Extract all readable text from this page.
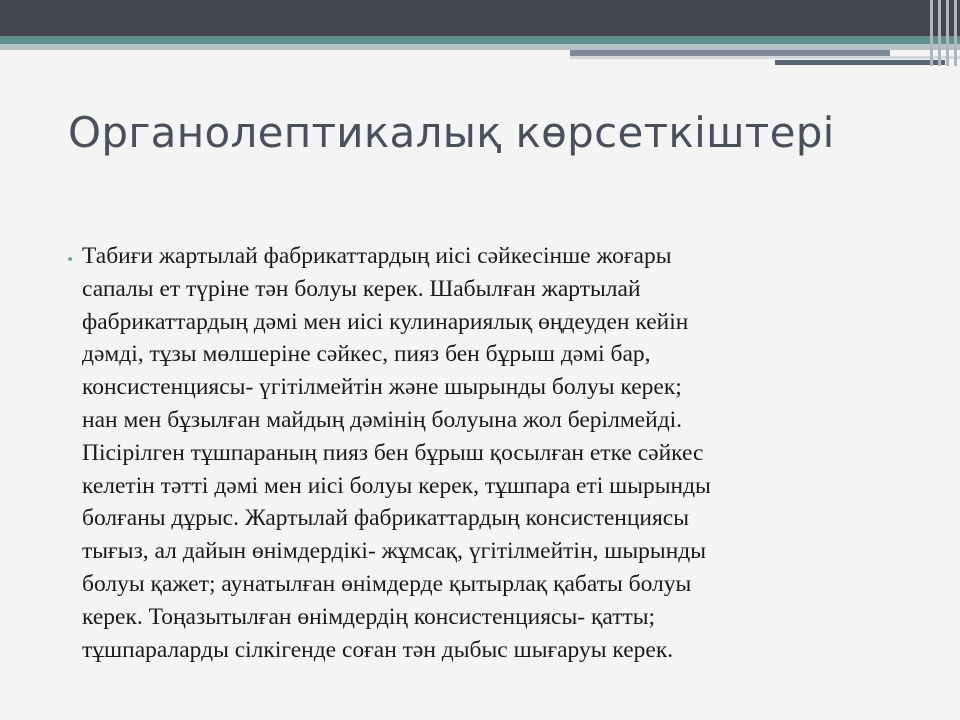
Органолептикалық көрсеткіштері
• Табиғи жартылай фабрикаттардың иісі сәйкесінше жоғары
сапалы ет түріне тән болуы керек. Шабылған жартылай
фабрикаттардың дәмі мен иісі кулинариялық өңдеуден кейін
дәмді, тұзы мөлшеріне сәйкес, пияз бен бұрыш дәмі бар,
консистенциясы- үгітілмейтін және шырынды болуы керек;
нан мен бұзылған майдың дәмінің болуына жол берілмейді.
Пісірілген тұшпараның пияз бен бұрыш қосылған етке сәйкес
келетін тәтті дәмі мен иісі болуы керек, тұшпара еті шырынды
болғаны дұрыс. Жартылай фабрикаттардың консистенциясы
тығыз, ал дайын өнімдердікі- жұмсақ, үгітілмейтін, шырынды
болуы қажет; аунатылған өнімдерде қытырлақ қабаты болуы
керек. Тоңазытылған өнімдердің консистенциясы- қатты;
тұшпараларды сілкігенде соған тән дыбыс шығаруы керек.
